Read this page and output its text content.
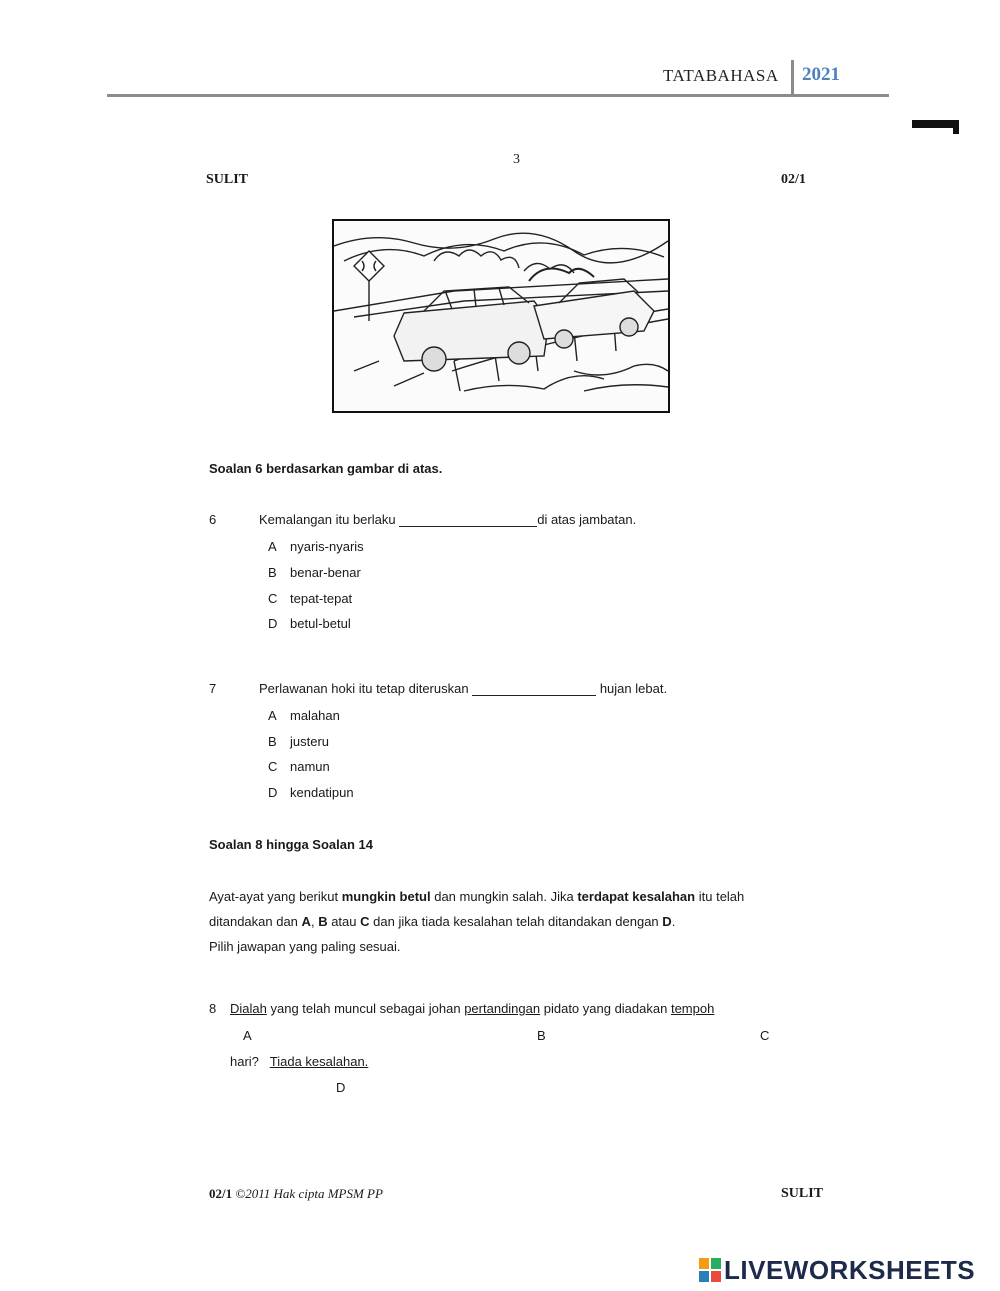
TATABAHASA 2021
3
SULIT	02/1
Soalan 6 berdasarkan gambar di atas.
6	Kemalangan itu berlaku	di atas jambatan.
A nyaris-nyaris
B benar-benar
C tepat-tepat
D betul-betul
7	Perlawanan hoki itu tetap diteruskan	hujan lebat.
A malahan
B justeru
C namun
D kendatipun
Soalan 8 hingga Soalan 14
Ayat-ayat yang berikut mungkin betul dan mungkin salah. Jika terdapat kesalahan itu telah
ditandakan dan A, B atau C dan jika tiada kesalahan telah ditandakan dengan D.
Pilih jawapan yang paling sesuai.
8 Dialah yang telah muncul sebagai johan pertandingan pidato yang diadakan tempoh
A	B	C
hari? Tiada kesalahan.
D
02/1 ©2011 Hak cipta MPSM PP	SULIT
LIVEWORKSHEETS
